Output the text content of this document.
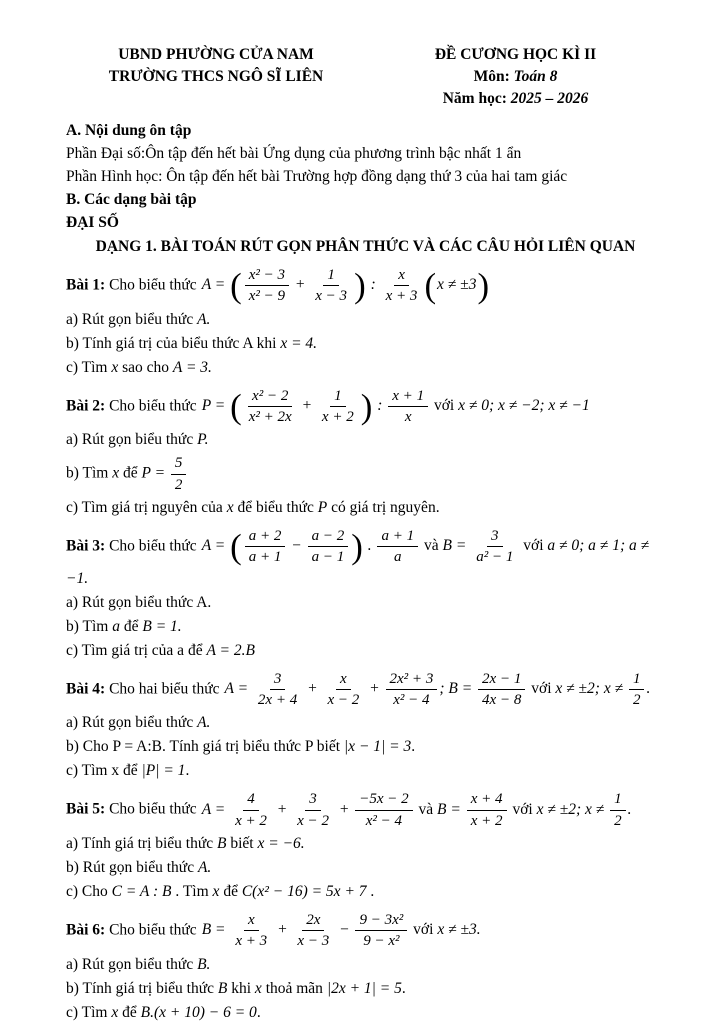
UBND PHƯỜNG CỬA NAM
TRƯỜNG THCS NGÔ SĨ LIÊN
ĐỀ CƯƠNG HỌC KÌ II
Môn: Toán 8
Năm học: 2025 – 2026
A. Nội dung ôn tập
Phần Đại số:Ôn tập đến hết bài Ứng dụng của phương trình bậc nhất 1 ẩn
Phần Hình học: Ôn tập đến hết bài Trường hợp đồng dạng thứ 3 của hai tam giác
B. Các dạng bài tập
ĐẠI SỐ
DẠNG 1. BÀI TOÁN RÚT GỌN PHÂN THỨC VÀ CÁC CÂU HỎI LIÊN QUAN
Bài 1: Cho biểu thức A = ( $\frac{\text{x² − 3}}{\text{x² − 9}} + \frac{1}{x - 3}$ ) : $\frac{x}{x + 3} (x \ne \pm 3)$
a) Rút gọn biểu thức A.
b) Tính giá trị của biểu thức A khi x = 4.
c) Tìm x sao cho A = 3.
Bài 2: Cho biểu thức P = ( $\frac{\text{x² − 2}}{\text{x² + 2x}} + \frac{1}{x + 2}$ ) : $\frac{x + 1}{x}$ với x ≠ 0; x ≠ −2; x ≠ −1
a) Rút gọn biểu thức P.
b) Tìm x để $P = \frac{5}{2}$
c) Tìm giá trị nguyên của x để biểu thức P có giá trị nguyên.
Bài 3: Cho biểu thức A = ( $\frac{a + 2}{a + 1} - \frac{a - 2}{a - 1}$ ) . $\frac{a + 1}{a}$ và $B = \frac{3}{\text{a² − 1}}$ với a ≠ 0; a ≠ 1; a ≠ −1.
a) Rút gọn biểu thức A.
b) Tìm a để B = 1.
c) Tìm giá trị của a để A = 2.B
Bài 4: Cho hai biểu thức $A = \frac{3}{2x + 4} + \frac{x}{x - 2} + \frac{\text{2x² + 3}}{\text{x² − 4}}$ ; $B = \frac{2x - 1}{4x - 8}$ với x ≠ ±2; $x \ne \frac{1}{2}$ .
a) Rút gọn biểu thức A.
b) Cho P = A:B. Tính giá trị biểu thức P biết |x − 1| = 3.
c) Tìm x để |P| = 1.
Bài 5: Cho biểu thức $A = \frac{4}{x + 2} + \frac{3}{x - 2} + \frac{-5x - 2}{\text{x² − 4}}$ và $B = \frac{x + 4}{x + 2}$ với x ≠ ±2; $x \ne \frac{1}{2}$ .
a) Tính giá trị biểu thức B biết x = −6.
b) Rút gọn biểu thức A.
c) Cho C = A : B . Tìm x để C(x² − 16) = 5x + 7 .
Bài 6: Cho biểu thức $B = \frac{x}{x + 3} + \frac{2x}{x - 3} - \frac{\text{9 − 3x²}}{\text{9 − x²}}$ với x ≠ ±3.
a) Rút gọn biểu thức B.
b) Tính giá trị biểu thức B khi x thoả mãn |2x + 1| = 5.
c) Tìm x để B.(x + 10) − 6 = 0.
